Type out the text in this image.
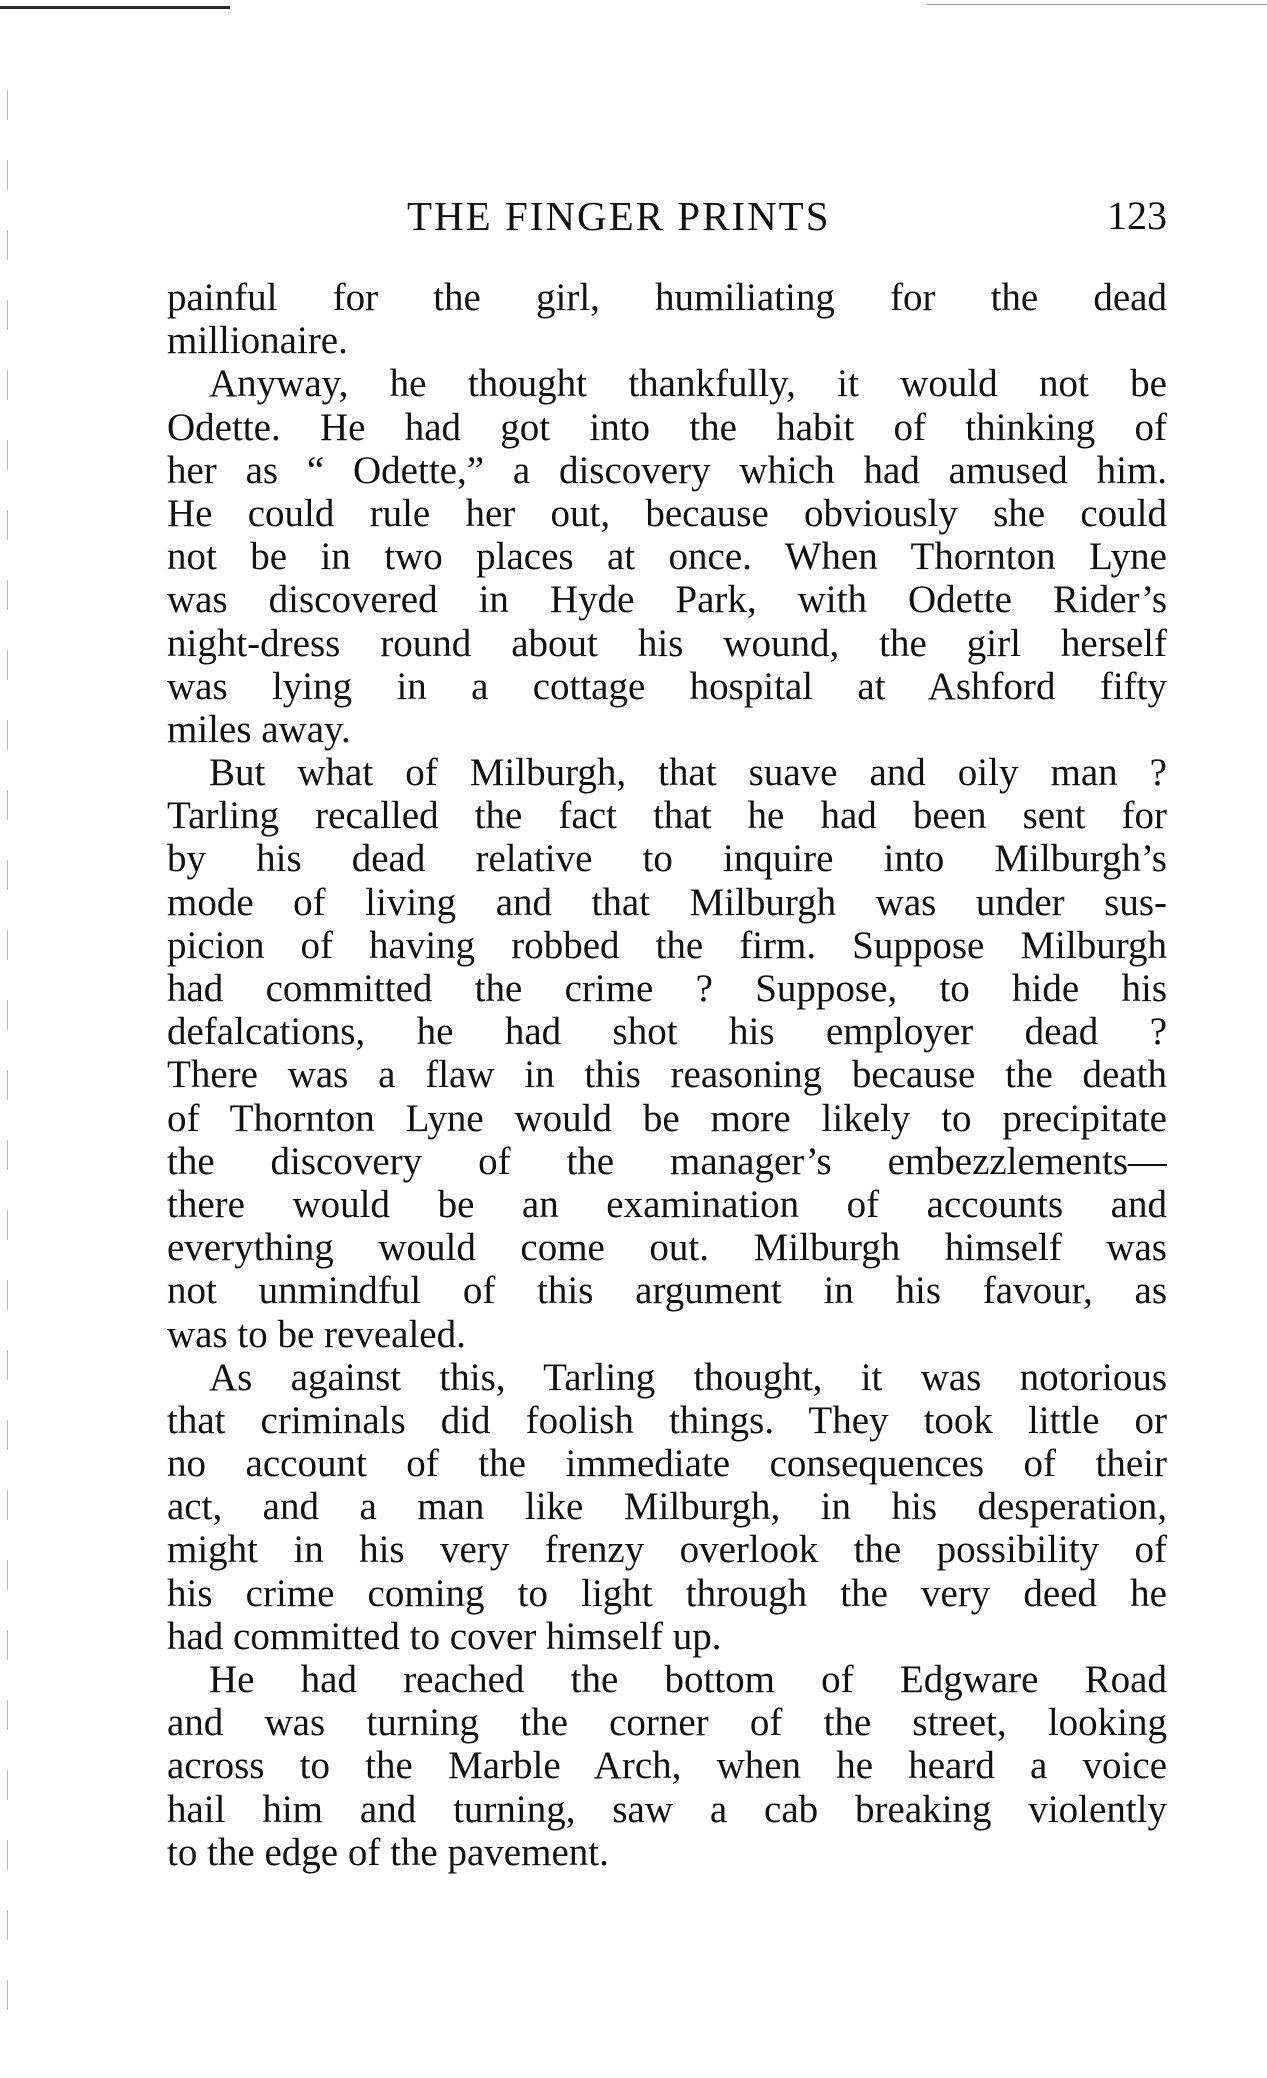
THE FINGER PRINTS	123
painful for the girl, humiliating for the dead
millionaire.
Anyway, he thought thankfully, it would not be
Odette. He had got into the habit of thinking of
her as “ Odette,” a discovery which had amused him.
He could rule her out, because obviously she could
not be in two places at once. When Thornton Lyne
was discovered in Hyde Park, with Odette Rider’s
night-dress round about his wound, the girl herself
was lying in a cottage hospital at Ashford fifty
miles away.
But what of Milburgh, that suave and oily man ?
Tarling recalled the fact that he had been sent for
by his dead relative to inquire into Milburgh’s
mode of living and that Milburgh was under sus-
picion of having robbed the firm. Suppose Milburgh
had committed the crime ? Suppose, to hide his
defalcations, he had shot his employer dead ?
There was a flaw in this reasoning because the death
of Thornton Lyne would be more likely to precipitate
the discovery of the manager’s embezzlements—
there would be an examination of accounts and
everything would come out. Milburgh himself was
not unmindful of this argument in his favour, as
was to be revealed.
As against this, Tarling thought, it was notorious
that criminals did foolish things. They took little or
no account of the immediate consequences of their
act, and a man like Milburgh, in his desperation,
might in his very frenzy overlook the possibility of
his crime coming to light through the very deed he
had committed to cover himself up.
He had reached the bottom of Edgware Road
and was turning the corner of the street, looking
across to the Marble Arch, when he heard a voice
hail him and turning, saw a cab breaking violently
to the edge of the pavement.
